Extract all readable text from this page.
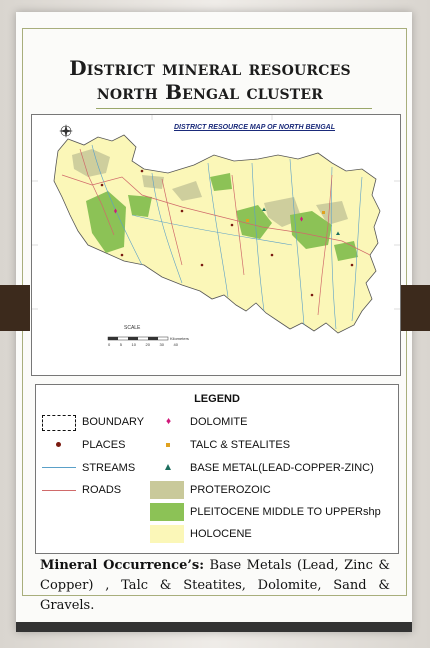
District mineral resources
north Bengal cluster
SCALE
0 5 10 20 30 40
Kilometers
DISTRICT RESOURCE MAP OF NORTH BENGAL
LEGEND
BOUNDARY
PLACES
STREAMS
ROADS
♦ DOLOMITE
TALC & STEALITES
BASE METAL(LEAD-COPPER-ZINC)
PROTEROZOIC
PLEITOCENE MIDDLE TO UPPERshp
HOLOCENE
Mineral Occurrence’s: Base Metals (Lead, Zinc & Copper) , Talc & Steatites, Dolomite, Sand & Gravels.
